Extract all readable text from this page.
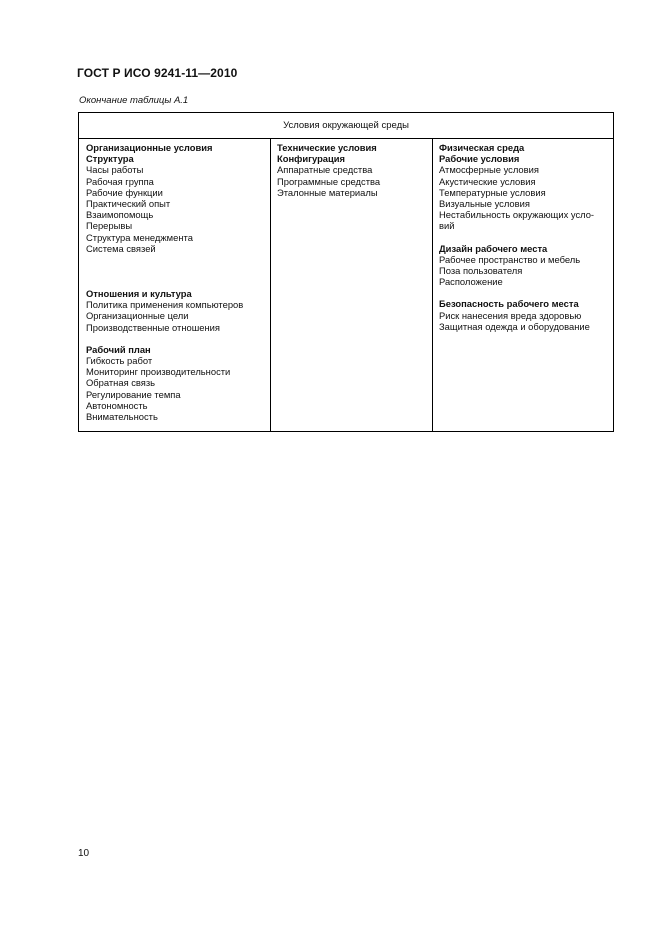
ГОСТ Р ИСО 9241-11—2010
Окончание таблицы А.1
Условия окружающей среды
Организационные условия
Структура
Часы работы
Рабочая группа
Рабочие функции
Практический опыт
Взаимопомощь
Перерывы
Структура менеджмента
Система связей
Отношения и культура
Политика применения компьютеров
Организационные цели
Производственные отношения
Рабочий план
Гибкость работ
Мониторинг производительности
Обратная связь
Регулирование темпа
Автономность
Внимательность
Технические условия
Конфигурация
Аппаратные средства
Программные средства
Эталонные материалы
Физическая среда
Рабочие условия
Атмосферные условия
Акустические условия
Температурные условия
Визуальные условия
Нестабильность окружающих усло-
вий
Дизайн рабочего места
Рабочее пространство и мебель
Поза пользователя
Расположение
Безопасность рабочего места
Риск нанесения вреда здоровью
Защитная одежда и оборудование
10
